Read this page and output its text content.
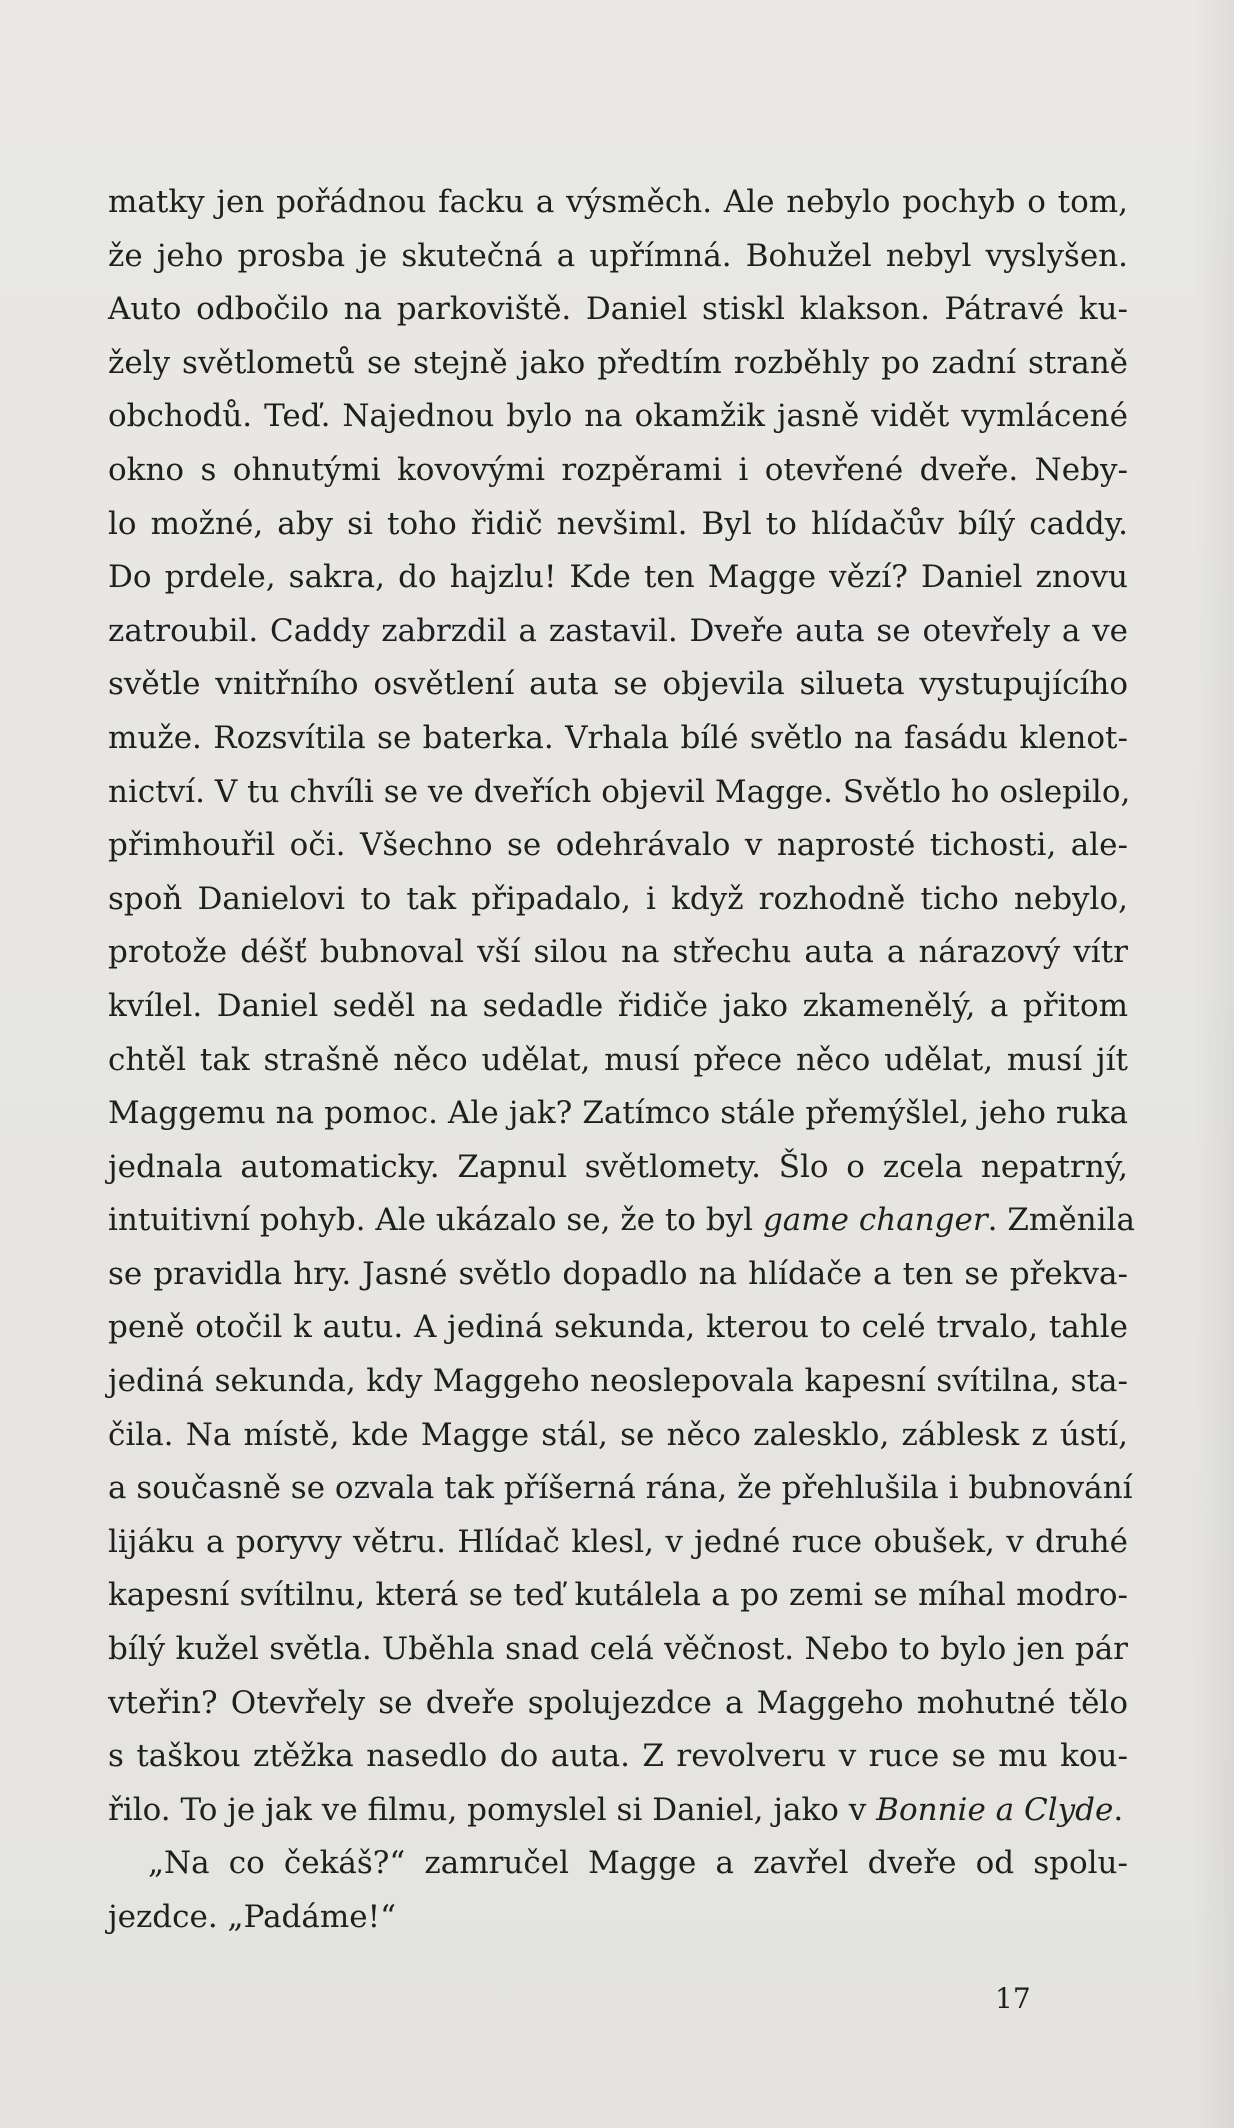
matky jen pořádnou facku a výsměch. Ale nebylo pochyb o tom,
že jeho prosba je skutečná a upřímná. Bohužel nebyl vyslyšen.
Auto odbočilo na parkoviště. Daniel stiskl klakson. Pátravé ku-
žely světlometů se stejně jako předtím rozběhly po zadní straně
obchodů. Teď. Najednou bylo na okamžik jasně vidět vymlácené
okno s ohnutými kovovými rozpěrami i otevřené dveře. Neby-
lo možné, aby si toho řidič nevšiml. Byl to hlídačův bílý caddy.
Do prdele, sakra, do hajzlu! Kde ten Magge vězí? Daniel znovu
zatroubil. Caddy zabrzdil a zastavil. Dveře auta se otevřely a ve
světle vnitřního osvětlení auta se objevila silueta vystupujícího
muže. Rozsvítila se baterka. Vrhala bílé světlo na fasádu klenot-
nictví. V tu chvíli se ve dveřích objevil Magge. Světlo ho oslepilo,
přimhouřil oči. Všechno se odehrávalo v naprosté tichosti, ale-
spoň Danielovi to tak připadalo, i když rozhodně ticho nebylo,
protože déšť bubnoval vší silou na střechu auta a nárazový vítr
kvílel. Daniel seděl na sedadle řidiče jako zkamenělý, a přitom
chtěl tak strašně něco udělat, musí přece něco udělat, musí jít
Maggemu na pomoc. Ale jak? Zatímco stále přemýšlel, jeho ruka
jednala automaticky. Zapnul světlomety. Šlo o zcela nepatrný,
intuitivní pohyb. Ale ukázalo se, že to byl game changer. Změnila
se pravidla hry. Jasné světlo dopadlo na hlídače a ten se překva-
peně otočil k autu. A jediná sekunda, kterou to celé trvalo, tahle
jediná sekunda, kdy Maggeho neoslepovala kapesní svítilna, sta-
čila. Na místě, kde Magge stál, se něco zalesklo, záblesk z ústí,
a současně se ozvala tak příšerná rána, že přehlušila i bubnování
lijáku a poryvy větru. Hlídač klesl, v jedné ruce obušek, v druhé
kapesní svítilnu, která se teď kutálela a po zemi se míhal modro-
bílý kužel světla. Uběhla snad celá věčnost. Nebo to bylo jen pár
vteřin? Otevřely se dveře spolujezdce a Maggeho mohutné tělo
s taškou ztěžka nasedlo do auta. Z revolveru v ruce se mu kou-
řilo. To je jak ve filmu, pomyslel si Daniel, jako v Bonnie a Clyde.
„Na co čekáš?“ zamručel Magge a zavřel dveře od spolu-
jezdce. „Padáme!“
17
